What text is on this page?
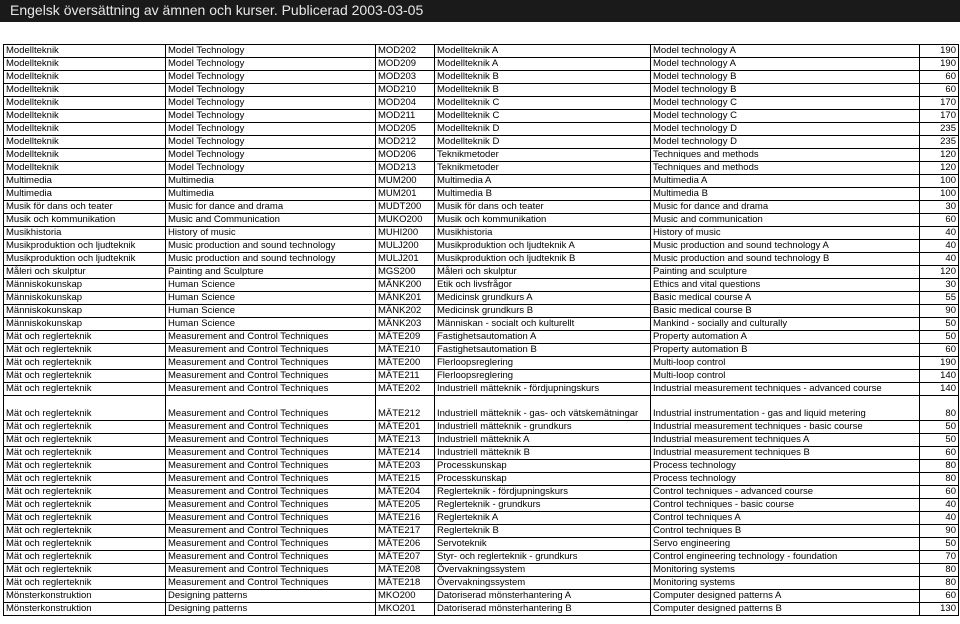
Engelsk översättning av ämnen och kurser. Publicerad 2003-03-05
Modellteknik	Model Technology	MOD202	Modellteknik A	Model technology A	190
Modellteknik	Model Technology	MOD209	Modellteknik A	Model technology A	190
Modellteknik	Model Technology	MOD203	Modellteknik B	Model technology B	60
Modellteknik	Model Technology	MOD210	Modellteknik B	Model technology B	60
Modellteknik	Model Technology	MOD204	Modellteknik C	Model technology C	170
Modellteknik	Model Technology	MOD211	Modellteknik C	Model technology C	170
Modellteknik	Model Technology	MOD205	Modellteknik D	Model technology D	235
Modellteknik	Model Technology	MOD212	Modellteknik D	Model technology D	235
Modellteknik	Model Technology	MOD206	Teknikmetoder	Techniques and methods	120
Modellteknik	Model Technology	MOD213	Teknikmetoder	Techniques and methods	120
Multimedia	Multimedia	MUM200	Multimedia A	Multimedia A	100
Multimedia	Multimedia	MUM201	Multimedia B	Multimedia B	100
Musik för dans och teater	Music for dance and drama	MUDT200	Musik för dans och teater	Music for dance and drama	30
Musik och kommunikation	Music and Communication	MUKO200	Musik och kommunikation	Music and communication	60
Musikhistoria	History of music	MUHI200	Musikhistoria	History of music	40
Musikproduktion och ljudteknik	Music production and sound technology	MULJ200	Musikproduktion och ljudteknik A	Music production and sound technology A	40
Musikproduktion och ljudteknik	Music production and sound technology	MULJ201	Musikproduktion och ljudteknik B	Music production and sound technology B	40
Måleri och skulptur	Painting and Sculpture	MGS200	Måleri och skulptur	Painting and sculpture	120
Människokunskap	Human Science	MÄNK200	Etik och livsfrågor	Ethics and vital questions	30
Människokunskap	Human Science	MÄNK201	Medicinsk grundkurs A	Basic medical course A	55
Människokunskap	Human Science	MÄNK202	Medicinsk grundkurs B	Basic medical course B	90
Människokunskap	Human Science	MÄNK203	Människan - socialt och kulturellt	Mankind - socially and culturally	50
Mät och reglerteknik	Measurement and Control Techniques	MÄTE209	Fastighetsautomation A	Property automation A	50
Mät och reglerteknik	Measurement and Control Techniques	MÄTE210	Fastighetsautomation B	Property automation B	60
Mät och reglerteknik	Measurement and Control Techniques	MÄTE200	Flerloopsreglering	Multi-loop control	190
Mät och reglerteknik	Measurement and Control Techniques	MÄTE211	Flerloopsreglering	Multi-loop control	140
Mät och reglerteknik	Measurement and Control Techniques	MÄTE202	Industriell mätteknik - fördjupningskurs	Industrial measurement techniques - advanced course	140
Mät och reglerteknik	Measurement and Control Techniques	MÄTE212	Industriell mätteknik - gas- och vätskemätningar	Industrial instrumentation - gas and liquid metering	80
Mät och reglerteknik	Measurement and Control Techniques	MÄTE201	Industriell mätteknik - grundkurs	Industrial measurement techniques - basic course	50
Mät och reglerteknik	Measurement and Control Techniques	MÄTE213	Industriell mätteknik A	Industrial measurement techniques A	50
Mät och reglerteknik	Measurement and Control Techniques	MÄTE214	Industriell mätteknik B	Industrial measurement techniques B	60
Mät och reglerteknik	Measurement and Control Techniques	MÄTE203	Processkunskap	Process technology	80
Mät och reglerteknik	Measurement and Control Techniques	MÄTE215	Processkunskap	Process technology	80
Mät och reglerteknik	Measurement and Control Techniques	MÄTE204	Reglerteknik - fördjupningskurs	Control techniques - advanced course	60
Mät och reglerteknik	Measurement and Control Techniques	MÄTE205	Reglerteknik - grundkurs	Control techniques - basic course	40
Mät och reglerteknik	Measurement and Control Techniques	MÄTE216	Reglerteknik A	Control techniques A	40
Mät och reglerteknik	Measurement and Control Techniques	MÄTE217	Reglerteknik B	Control techniques B	90
Mät och reglerteknik	Measurement and Control Techniques	MÄTE206	Servoteknik	Servo engineering	50
Mät och reglerteknik	Measurement and Control Techniques	MÄTE207	Styr- och reglerteknik - grundkurs	Control engineering technology - foundation	70
Mät och reglerteknik	Measurement and Control Techniques	MÄTE208	Övervakningssystem	Monitoring systems	80
Mät och reglerteknik	Measurement and Control Techniques	MÄTE218	Övervakningssystem	Monitoring systems	80
Mönsterkonstruktion	Designing patterns	MKO200	Datoriserad mönsterhantering A	Computer designed patterns A	60
Mönsterkonstruktion	Designing patterns	MKO201	Datoriserad mönsterhantering B	Computer designed patterns B	130
